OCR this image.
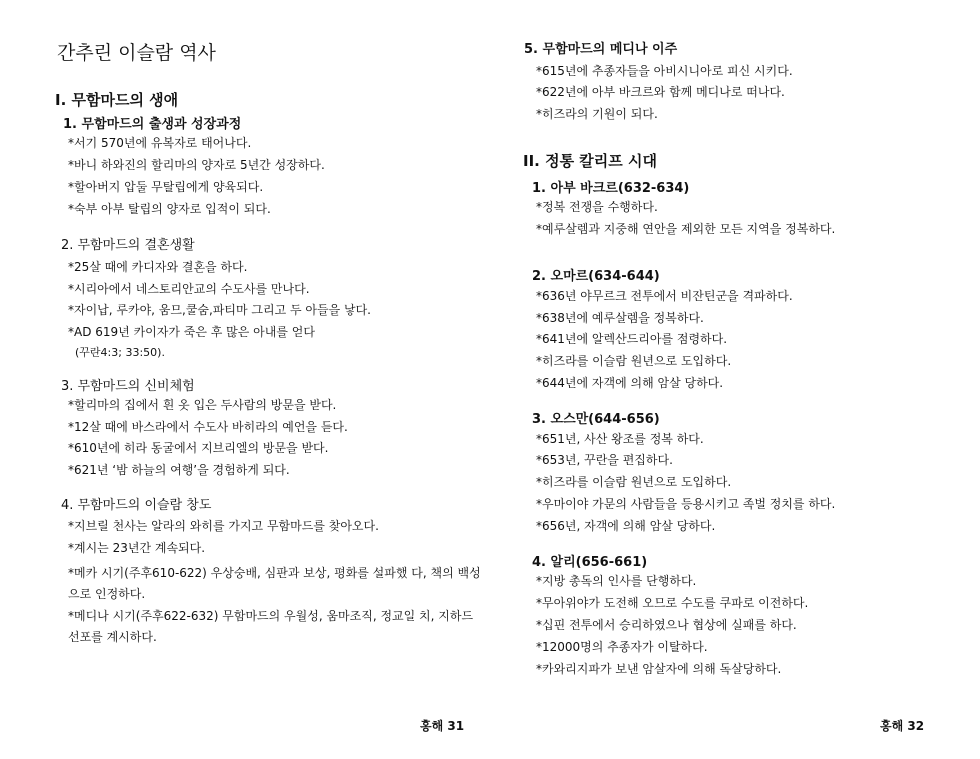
간추린 이슬람 역사
I. 무함마드의 생애
1. 무함마드의 출생과 성장과정
*서기 570년에 유복자로 태어나다.
*바니 하와진의 할리마의 양자로 5년간 성장하다.
*할아버지 압둘 무탈립에게 양육되다.
*숙부 아부 탈립의 양자로 입적이 되다.
2. 무함마드의 결혼생활
*25살 때에 카디자와 결혼을 하다.
*시리아에서 네스토리안교의 수도사를 만나다.
*자이납, 루카야, 움므,쿨숨,파티마 그리고 두 아들을 낳다.
*AD 619년 카이자가 죽은 후 많은 아내를 얻다
(꾸란4:3; 33:50).
3. 무함마드의 신비체험
*할리마의 집에서 흰 옷 입은 두사람의 방문을 받다.
*12살 때에 바스라에서 수도사 바히라의 예언을 듣다.
*610년에 히라 동굴에서 지브리엘의 방문을 받다.
*621년 ‘밤 하늘의 여행’을 경험하게 되다.
4. 무함마드의 이슬람 창도
*지브릴 천사는 알라의 와히를 가지고 무함마드를 찾아오다.
*계시는 23년간 계속되다.
*메카 시기(주후610-622) 우상숭배, 심판과 보상, 평화를 설파했 다, 책의 백성으로 인정하다.
*메디나 시기(주후622-632) 무함마드의 우월성, 움마조직, 정교일 치, 지하드 선포를 계시하다.
홍해 31
5. 무함마드의 메디나 이주
*615년에 추종자들을 아비시니아로 피신 시키다.
*622년에 아부 바크르와 함께 메디나로 떠나다.
*히즈라의 기원이 되다.
II. 정통 칼리프 시대
1. 아부 바크르(632-634)
*정복 전쟁을 수행하다.
*예루살렘과 지중해 연안을 제외한 모든 지역을 정복하다.
2. 오마르(634-644)
*636년 야무르크 전투에서 비잔틴군을 격파하다.
*638년에 예루살렘을 정복하다.
*641년에 알렉산드리아를 점령하다.
*히즈라를 이슬람 원년으로 도입하다.
*644년에 자객에 의해 암살 당하다.
3. 오스만(644-656)
*651년, 사산 왕조를 정복 하다.
*653년, 꾸란을 편집하다.
*히즈라를 이슬람 원년으로 도입하다.
*우마이야 가문의 사람들을 등용시키고 족벌 정치를 하다.
*656년, 자객에 의해 암살 당하다.
4. 알리(656-661)
*지방 총독의 인사를 단행하다.
*무아위야가 도전해 오므로 수도를 쿠파로 이전하다.
*십핀 전투에서 승리하였으나 협상에 실패를 하다.
*12000명의 추종자가 이탈하다.
*카와리지파가 보낸 암살자에 의해 독살당하다.
홍해 32
